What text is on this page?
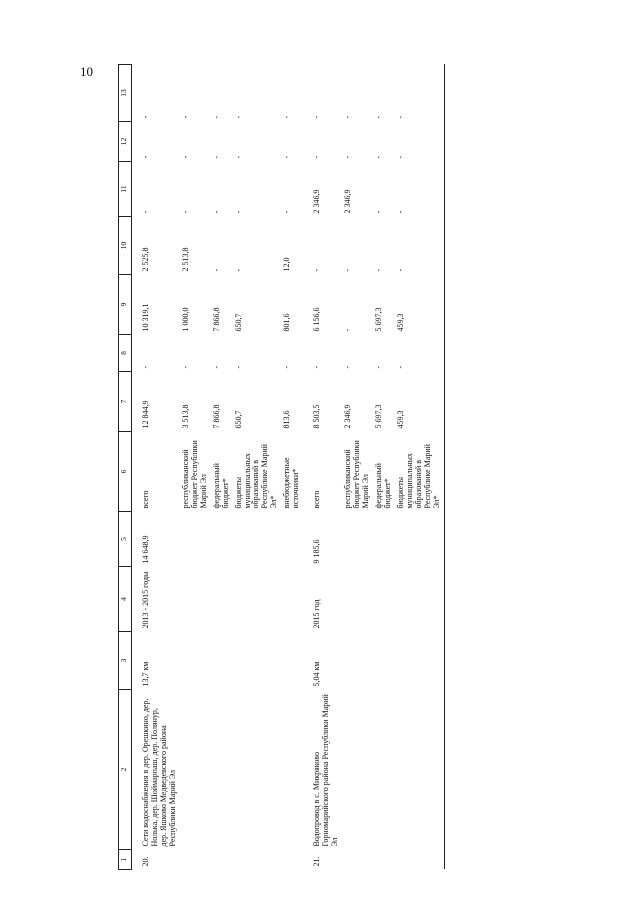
10
1	2	3	4	5	6	7	8	9	10	11	12	13
20.	Сети водоснабжения в дер. Орешкино, дер. Нолька, дер. Шоймарпаш, дер. Полянур, дер. Яшково Медведевского района Республики Марий Эл	13,7 км	2013 - 2015 годы	14 648,9	всего	12 844,9	-	10 319,1	2 525,8	-	-	-
					республиканский бюджет Республики Марий Эл	3 513,8	-	1 000,0	2 513,8	-	-	-
					федеральный бюджет*	7 866,8	-	7 866,8	-	-	-	-
					бюджеты муниципальных образований в Республике Марий Эл*	650,7	-	650,7	-	-	-	-
					внебюджетные источники*	813,6	-	801,6	12,0	-	-	-
21.	Водопровод в с. Микряково Горномарийского района Республики Марий Эл	5,04 км	2015 год	9 185,6	всего	8 503,5	-	6 156,6	-	2 346,9	-	-
					республиканский бюджет Республики Марий Эл	2 346,9	-	-	-	2 346,9	-	-
					федеральный бюджет*	5 697,3	-	5 697,3	-	-	-	-
					бюджеты муниципальных образований в Республике Марий Эл*	459,3	-	459,3	-	-	-	-
